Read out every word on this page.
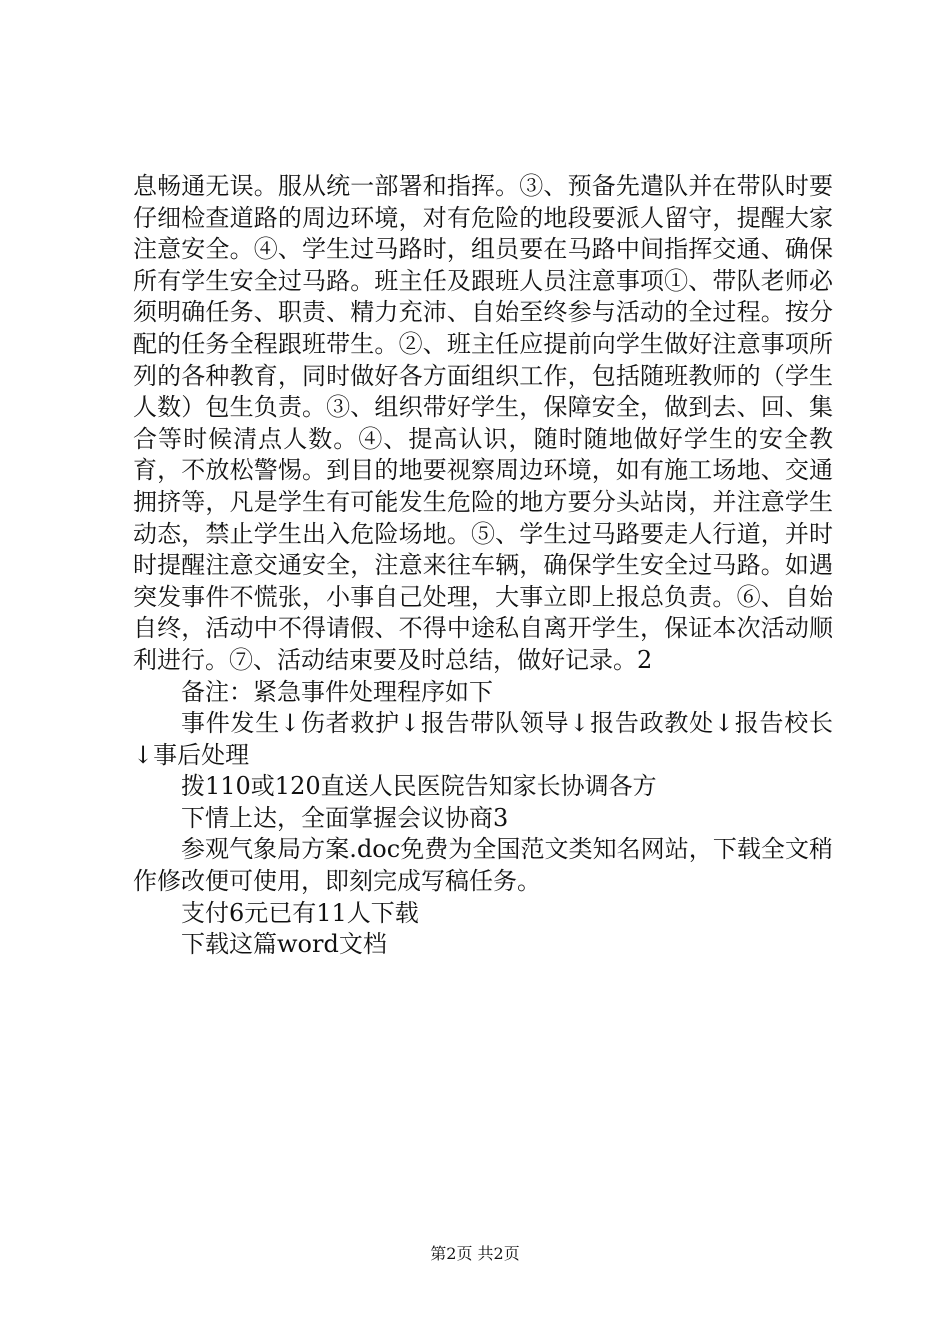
息畅通无误。服从统一部署和指挥。③、预备先遣队并在带队时要仔细检查道路的周边环境，对有危险的地段要派人留守，提醒大家注意安全。④、学生过马路时，组员要在马路中间指挥交通、确保所有学生安全过马路。班主任及跟班人员注意事项①、带队老师必须明确任务、职责、精力充沛、自始至终参与活动的全过程。按分配的任务全程跟班带生。②、班主任应提前向学生做好注意事项所列的各种教育，同时做好各方面组织工作，包括随班教师的（学生人数）包生负责。③、组织带好学生，保障安全，做到去、回、集合等时候清点人数。④、提高认识，随时随地做好学生的安全教育，不放松警惕。到目的地要视察周边环境，如有施工场地、交通拥挤等，凡是学生有可能发生危险的地方要分头站岗，并注意学生动态，禁止学生出入危险场地。⑤、学生过马路要走人行道，并时时提醒注意交通安全，注意来往车辆，确保学生安全过马路。如遇突发事件不慌张，小事自己处理，大事立即上报总负责。⑥、自始自终，活动中不得请假、不得中途私自离开学生，保证本次活动顺利进行。⑦、活动结束要及时总结，做好记录。2

备注：紧急事件处理程序如下

事件发生↓伤者救护↓报告带队领导↓报告政教处↓报告校长↓事后处理

拨110或120直送人民医院告知家长协调各方

下情上达，全面掌握会议协商3

参观气象局方案.doc免费为全国范文类知名网站，下载全文稍作修改便可使用，即刻完成写稿任务。

支付6元已有11人下载

下载这篇word文档

第2页 共2页
